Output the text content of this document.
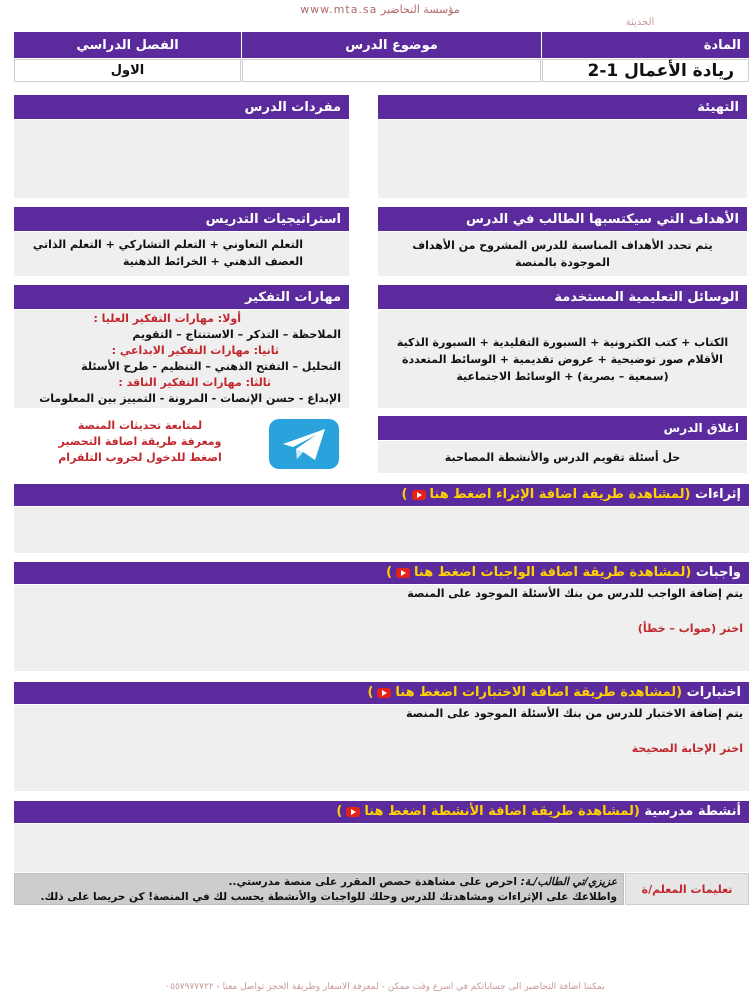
مؤسسة التحاضير www.mta.sa
الحديثة
المادة
موضوع الدرس
الفصل الدراسي
ريادة الأعمال 1-2
الاول
التهيئة
مفردات الدرس
الأهداف التي سيكتسبها الطالب في الدرس
يتم تحدد الأهداف المناسبة للدرس المشروح من الأهداف الموجودة بالمنصة
استراتيجيات التدريس
التعلم التعاوني + التعلم التشاركي + التعلم الذاتي
العصف الذهني + الخرائط الذهنية
الوسائل التعليمية المستخدمة
الكتاب + كتب الكترونية + السبورة التقليدية + السبورة الذكية
الأقلام صور توضيحية + عروض تقديمية + الوسائط المتعددة
(سمعية – بصرية) + الوسائط الاجتماعية
مهارات التفكير
أولا: مهارات التفكير العليا :
الملاحظة – التذكر – الاستنتاج – التقويم
ثانيا: مهارات التفكير الابداعي :
التحليل – التفتح الذهني – التنظيم - طرح الأسئلة
ثالثا: مهارات التفكير الناقد :
الإبداع - حسن الإنصات - المرونة - التمييز بين المعلومات
اغلاق الدرس
حل أسئلة تقويم الدرس والأنشطة المصاحبة
لمتابعة تحديثات المنصة
ومعرفة طريقة اضافة التحضير
اضغط للدخول لجروب التلقرام
إثراءات (لمشاهدة طريقة اضافة الإثراء اضغط هنا)
واجبات (لمشاهدة طريقة اضافة الواجبات اضغط هنا)
يتم إضافة الواجب للدرس من بنك الأسئلة الموجود على المنصة
اختر (صواب – خطأ)
اختبارات (لمشاهدة طريقة اضافة الاختبارات اضغط هنا)
يتم إضافة الاختبار للدرس من بنك الأسئلة الموجود على المنصة
اختر الإجابة الصحيحة
أنشطة مدرسية (لمشاهدة طريقة اضافة الأنشطة اضغط هنا)
تعليمات المعلم/ة
عزيزي/تي الطالب/ـة: احرص على مشاهدة حصص المقرر على منصة مدرستي..
واطلاعك على الإثراءات ومشاهدتك للدرس وحلك للواجبات والأنشطة يحسب لك في المنصة! كن حريصا على ذلك.
يمكننا اضافة التحاضير الى حساباتكم في أسرع وقت ممكن - لمعرفة الأسعار وطريقة الحجز تواصل معنا - ٠٥٥٧٩٧٧٧٢٢
